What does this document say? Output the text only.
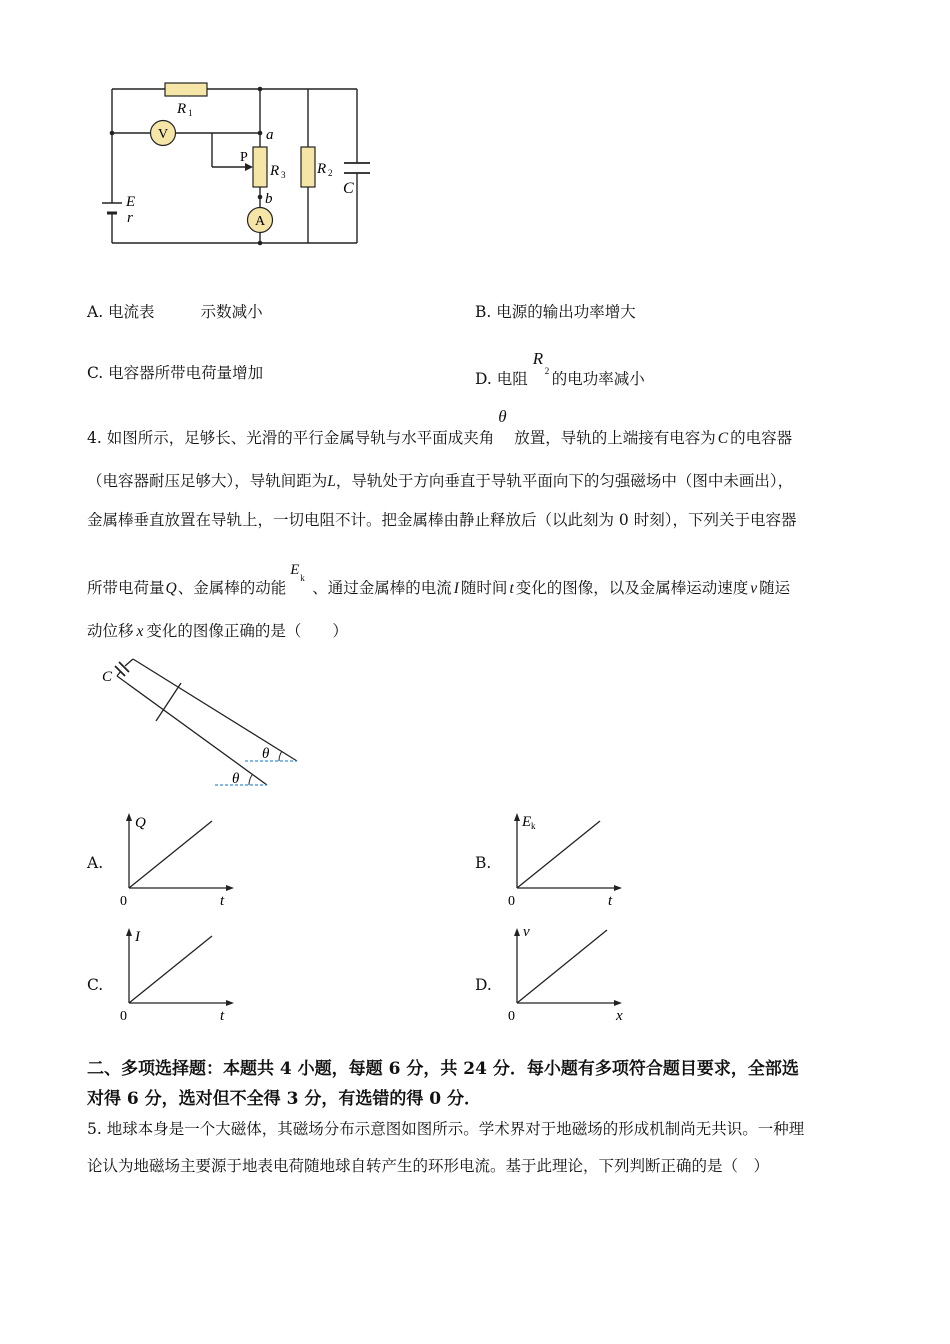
R 1
V	a
P
R 3
b
A
R 2
C
E
r
A. 电流表	示数减小	B. 电源的输出功率增大
C. 电容器所带电荷量增加	D. 电阻
R
2 的电功率减小
4. 如图所示，足够长、光滑的平行金属导轨与水平面成夹角
θ
放置，导轨的上端接有电容为 C 的电容器
（电容器耐压足够大），导轨间距为L，导轨处于方向垂直于导轨平面向下的匀强磁场中（图中未画出），
金属棒垂直放置在导轨上，一切电阻不计。把金属棒由静止释放后（以此刻为 0 时刻），下列关于电容器
所带电荷量Q、金属棒的动能
E k
、通过金属棒的电流 I 随时间 t 变化的图像，以及金属棒运动速度 v 随运
动位移 x 变化的图像正确的是（　　）
C
θ
θ
A.
Q
t
0
B.
E k
t
0
C.
I
t
0
D.
v
x
0
二、多项选择题：本题共 4 小题，每题 6 分，共 24 分．每小题有多项符合题目要求，全部选
对得 6 分，选对但不全得 3 分，有选错的得 0 分．
5. 地球本身是一个大磁体，其磁场分布示意图如图所示。学术界对于地磁场的形成机制尚无共识。一种理
论认为地磁场主要源于地表电荷随地球自转产生的环形电流。基于此理论，下列判断正确的是（　）
